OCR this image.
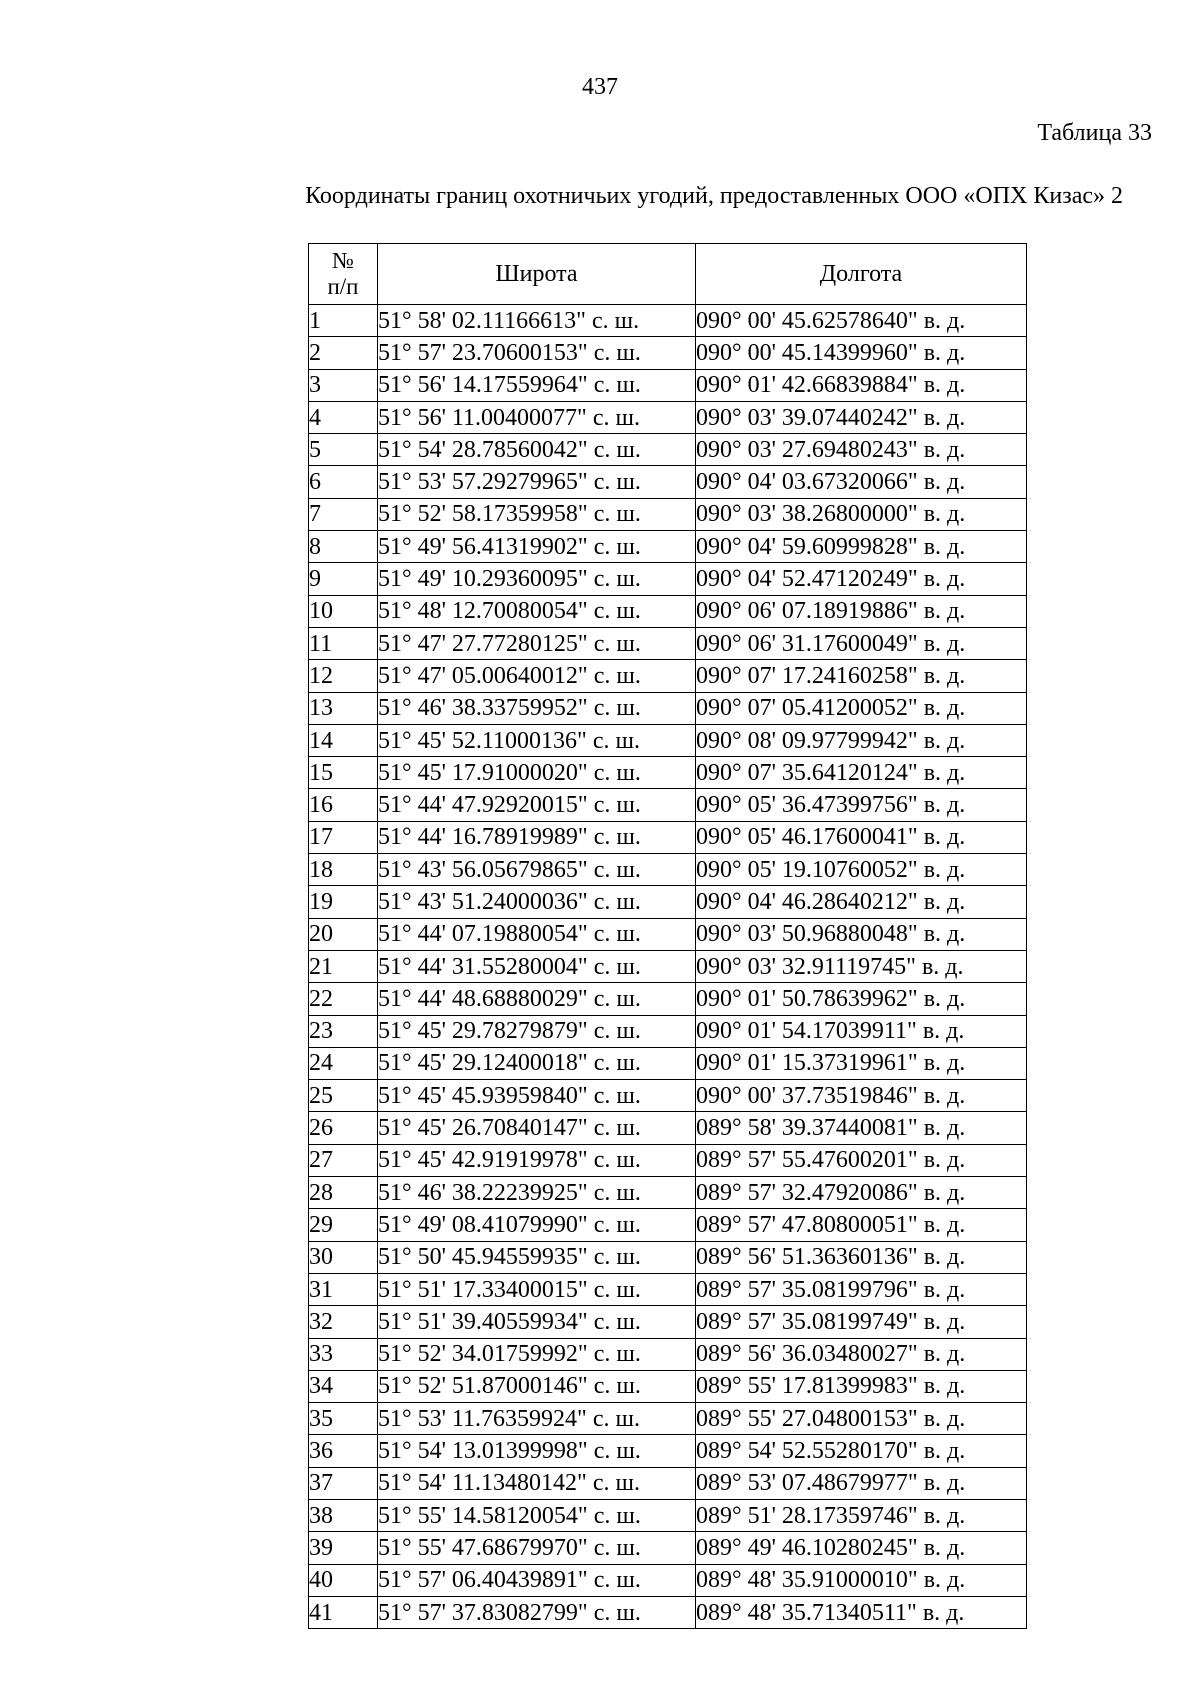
437
Таблица 33
Координаты границ охотничьих угодий, предоставленных ООО «ОПХ Кизас» 2
№
п/п	Широта	Долгота
1	51° 58' 02.11166613" с. ш.	090° 00' 45.62578640" в. д.
2	51° 57' 23.70600153" с. ш.	090° 00' 45.14399960" в. д.
3	51° 56' 14.17559964" с. ш.	090° 01' 42.66839884" в. д.
4	51° 56' 11.00400077" с. ш.	090° 03' 39.07440242" в. д.
5	51° 54' 28.78560042" с. ш.	090° 03' 27.69480243" в. д.
6	51° 53' 57.29279965" с. ш.	090° 04' 03.67320066" в. д.
7	51° 52' 58.17359958" с. ш.	090° 03' 38.26800000" в. д.
8	51° 49' 56.41319902" с. ш.	090° 04' 59.60999828" в. д.
9	51° 49' 10.29360095" с. ш.	090° 04' 52.47120249" в. д.
10	51° 48' 12.70080054" с. ш.	090° 06' 07.18919886" в. д.
11	51° 47' 27.77280125" с. ш.	090° 06' 31.17600049" в. д.
12	51° 47' 05.00640012" с. ш.	090° 07' 17.24160258" в. д.
13	51° 46' 38.33759952" с. ш.	090° 07' 05.41200052" в. д.
14	51° 45' 52.11000136" с. ш.	090° 08' 09.97799942" в. д.
15	51° 45' 17.91000020" с. ш.	090° 07' 35.64120124" в. д.
16	51° 44' 47.92920015" с. ш.	090° 05' 36.47399756" в. д.
17	51° 44' 16.78919989" с. ш.	090° 05' 46.17600041" в. д.
18	51° 43' 56.05679865" с. ш.	090° 05' 19.10760052" в. д.
19	51° 43' 51.24000036" с. ш.	090° 04' 46.28640212" в. д.
20	51° 44' 07.19880054" с. ш.	090° 03' 50.96880048" в. д.
21	51° 44' 31.55280004" с. ш.	090° 03' 32.91119745" в. д.
22	51° 44' 48.68880029" с. ш.	090° 01' 50.78639962" в. д.
23	51° 45' 29.78279879" с. ш.	090° 01' 54.17039911" в. д.
24	51° 45' 29.12400018" с. ш.	090° 01' 15.37319961" в. д.
25	51° 45' 45.93959840" с. ш.	090° 00' 37.73519846" в. д.
26	51° 45' 26.70840147" с. ш.	089° 58' 39.37440081" в. д.
27	51° 45' 42.91919978" с. ш.	089° 57' 55.47600201" в. д.
28	51° 46' 38.22239925" с. ш.	089° 57' 32.47920086" в. д.
29	51° 49' 08.41079990" с. ш.	089° 57' 47.80800051" в. д.
30	51° 50' 45.94559935" с. ш.	089° 56' 51.36360136" в. д.
31	51° 51' 17.33400015" с. ш.	089° 57' 35.08199796" в. д.
32	51° 51' 39.40559934" с. ш.	089° 57' 35.08199749" в. д.
33	51° 52' 34.01759992" с. ш.	089° 56' 36.03480027" в. д.
34	51° 52' 51.87000146" с. ш.	089° 55' 17.81399983" в. д.
35	51° 53' 11.76359924" с. ш.	089° 55' 27.04800153" в. д.
36	51° 54' 13.01399998" с. ш.	089° 54' 52.55280170" в. д.
37	51° 54' 11.13480142" с. ш.	089° 53' 07.48679977" в. д.
38	51° 55' 14.58120054" с. ш.	089° 51' 28.17359746" в. д.
39	51° 55' 47.68679970" с. ш.	089° 49' 46.10280245" в. д.
40	51° 57' 06.40439891" с. ш.	089° 48' 35.91000010" в. д.
41	51° 57' 37.83082799" с. ш.	089° 48' 35.71340511" в. д.
